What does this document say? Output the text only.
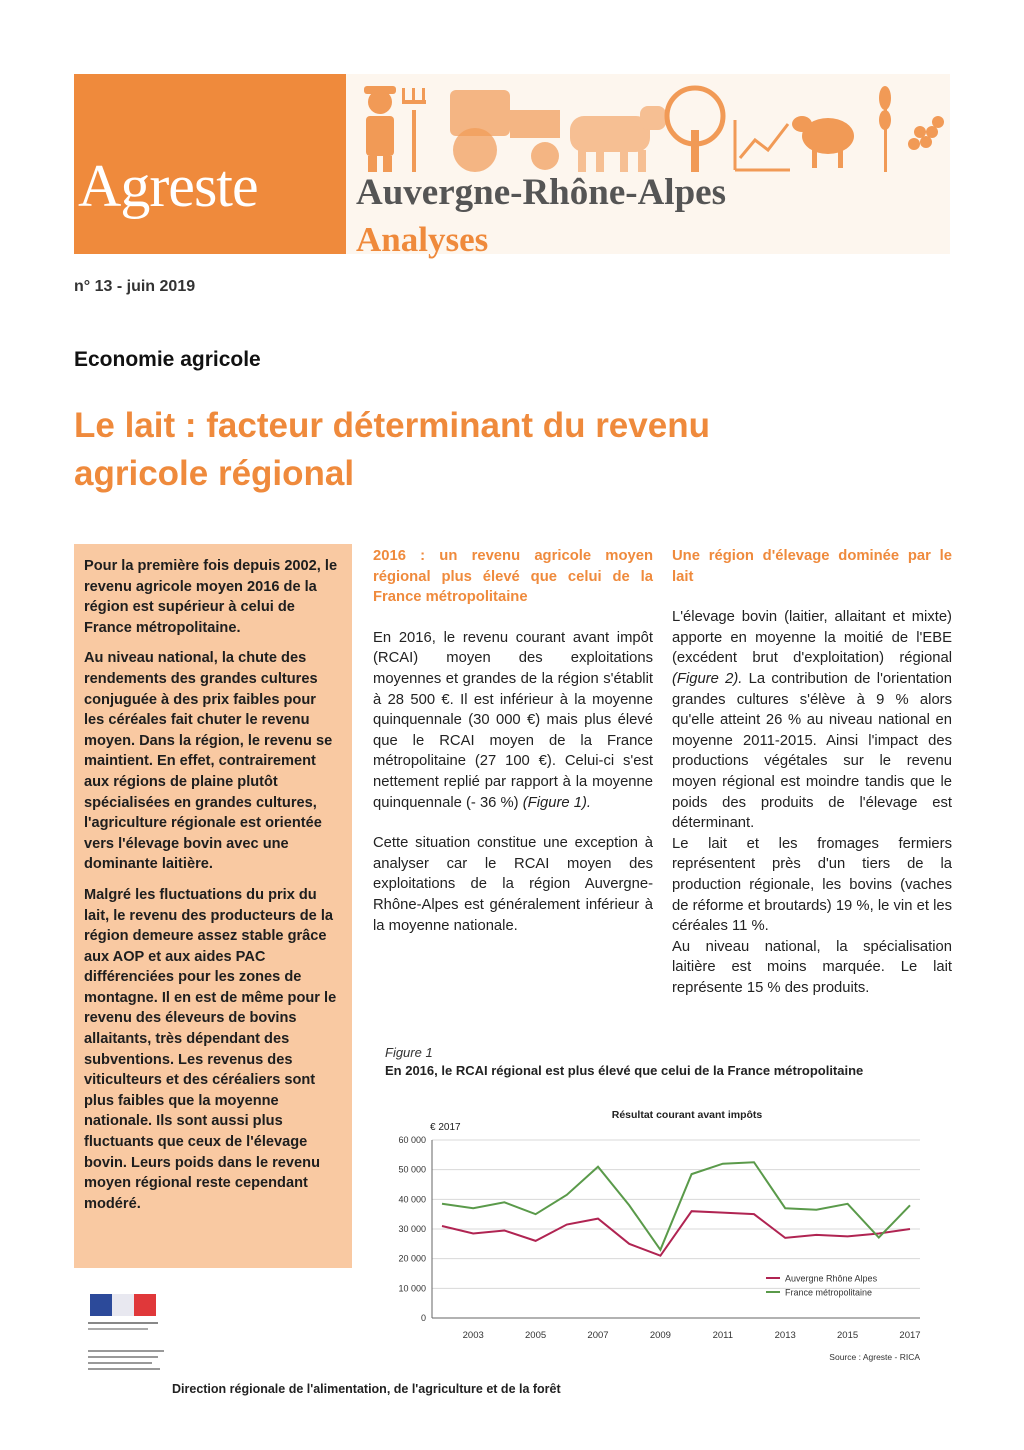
Agreste	Auvergne-Rhône-Alpes
Analyses
n° 13 - juin 2019
Economie agricole
Le lait : facteur déterminant du revenu
agricole régional

Pour la première fois depuis 2002, le revenu agricole moyen 2016 de la région est supérieur à celui de France métropolitaine.

Au niveau national, la chute des rendements des grandes cultures conjuguée à des prix faibles pour les céréales fait chuter le revenu moyen. Dans la région, le revenu se maintient. En effet, contrairement aux régions de plaine plutôt spécialisées en grandes cultures, l'agriculture régionale est orientée vers l'élevage bovin avec une dominante laitière.

Malgré les fluctuations du prix du lait, le revenu des producteurs de la région demeure assez stable grâce aux AOP et aux aides PAC différenciées pour les zones de montagne. Il en est de même pour le revenu des éleveurs de bovins allaitants, très dépendant des subventions. Les revenus des viticulteurs et des céréaliers sont plus faibles que la moyenne nationale. Ils sont aussi plus fluctuants que ceux de l'élevage bovin. Leurs poids dans le revenu moyen régional reste cependant modéré.

2016 : un revenu agricole moyen régional plus élevé que celui de la France métropolitaine

En 2016, le revenu courant avant impôt (RCAI) moyen des exploitations moyennes et grandes de la région s'établit à 28 500 €. Il est inférieur à la moyenne quinquennale (30 000 €) mais plus élevé que le RCAI moyen de la France métropolitaine (27 100 €). Celui-ci s'est nettement replié par rapport à la moyenne quinquennale (- 36 %) (Figure 1).

Cette situation constitue une exception à analyser car le RCAI moyen des exploitations de la région Auvergne-Rhône-Alpes est généralement inférieur à la moyenne nationale.

Une région d'élevage dominée par le lait

L'élevage bovin (laitier, allaitant et mixte) apporte en moyenne la moitié de l'EBE (excédent brut d'exploitation) régional (Figure 2). La contribution de l'orientation grandes cultures s'élève à 9 % alors qu'elle atteint 26 % au niveau national en moyenne 2011-2015. Ainsi l'impact des productions végétales sur le revenu moyen régional est moindre tandis que le poids des produits de l'élevage est déterminant.

Le lait et les fromages fermiers représentent près d'un tiers de la production régionale, les bovins (vaches de réforme et broutards) 19 %, le vin et les céréales 11 %.

Au niveau national, la spécialisation laitière est moins marquée. Le lait représente 15 % des produits.

Figure 1
En 2016, le RCAI régional est plus élevé que celui de la France métropolitaine
Résultat courant avant impôts
€ 2017
0
10 000
20 000
30 000
40 000
50 000
60 000
2003	2005	2007	2009	2011	2013	2015	2017
Auvergne Rhône Alpes
France métropolitaine
Source : Agreste - RICA
Direction régionale de l'alimentation, de l'agriculture et de la forêt
